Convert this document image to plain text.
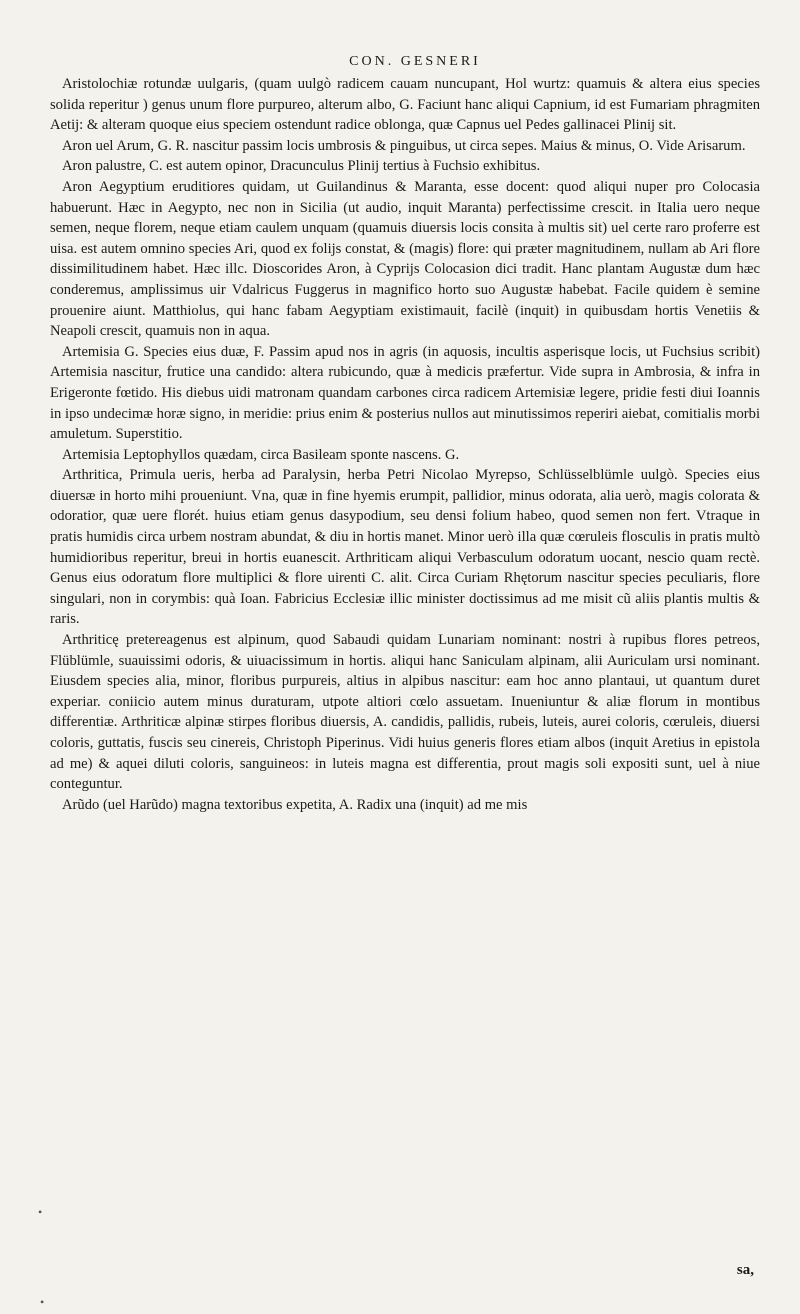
CON. GESNERI

Aristolochiæ rotundæ uulgaris, (quam uulgò radicem cauam nuncupant, Hol wurtz: quamuis & altera eius species solida reperitur ) genus unum flore purpureo, alterum albo, G. Faciunt hanc aliqui Capnium, id est Fumariam phragmiten Aetij: & alteram quoque eius speciem ostendunt radice oblonga, quæ Capnus uel Pedes gallinacei Plinij sit.

Aron uel Arum, G. R. nascitur passim locis umbrosis & pinguibus, ut circa sepes. Maius & minus, O. Vide Arisarum.

Aron palustre, C. est autem opinor, Dracunculus Plinij tertius à Fuchsio exhibitus.

Aron Aegyptium eruditiores quidam, ut Guilandinus & Maranta, esse docent: quod aliqui nuper pro Colocasia habuerunt. Hæc in Aegypto, nec non in Sicilia (ut audio, inquit Maranta) perfectissime crescit. in Italia uero neque semen, neque florem, neque etiam caulem unquam (quamuis diuersis locis consita à multis sit) uel certe raro proferre est uisa. est autem omnino species Ari, quod ex folijs constat, & (magis) flore: qui præter magnitudinem, nullam ab Ari flore dissimilitudinem habet. Hæc illc. Dioscorides Aron, à Cyprijs Colocasion dici tradit. Hanc plantam Augustæ dum hæc conderemus, amplissimus uir Vdalricus Fuggerus in magnifico horto suo Augustæ habebat. Facile quidem è semine prouenire aiunt. Matthiolus, qui hanc fabam Aegyptiam existimauit, facilè (inquit) in quibusdam hortis Venetiis & Neapoli crescit, quamuis non in aqua.

Artemisia G. Species eius duæ, F. Passim apud nos in agris (in aquosis, incultis asperisque locis, ut Fuchsius scribit) Artemisia nascitur, frutice una candido: altera rubicundo, quæ à medicis præfertur. Vide supra in Ambrosia, & infra in Erigeronte fœtido. His diebus uidi matronam quandam carbones circa radicem Artemisiæ legere, pridie festi diui Ioannis in ipso undecimæ horæ signo, in meridie: prius enim & posterius nullos aut minutissimos reperiri aiebat, comitialis morbi amuletum. Superstitio.

Artemisia Leptophyllos quædam, circa Basileam sponte nascens. G.

Arthritica, Primula ueris, herba ad Paralysin, herba Petri Nicolao Myrepso, Schlüsselblümle uulgò. Species eius diuersæ in horto mihi proueniunt. Vna, quæ in fine hyemis erumpit, pallidior, minus odorata, alia uerò, magis colorata & odoratior, quæ uere florét. huius etiam genus dasypodium, seu densi folium habeo, quod semen non fert. Vtraque in pratis humidis circa urbem nostram abundat, & diu in hortis manet. Minor uerò illa quæ cœruleis flosculis in pratis multò humidioribus reperitur, breui in hortis euanescit. Arthriticam aliqui Verbasculum odoratum uocant, nescio quam rectè. Genus eius odoratum flore multiplici & flore uirenti C. alit. Circa Curiam Rhętorum nascitur species peculiaris, flore singulari, non in corymbis: quà Ioan. Fabricius Ecclesiæ illic minister doctissimus ad me misit cũ aliis plantis multis & raris.

Arthriticę pretereagenus est alpinum, quod Sabaudi quidam Lunariam nominant: nostri à rupibus flores petreos, Flüblümle, suauissimi odoris, & uiuacissimum in hortis. aliqui hanc Saniculam alpinam, alii Auriculam ursi nominant. Eiusdem species alia, minor, floribus purpureis, altius in alpibus nascitur: eam hoc anno plantaui, ut quantum duret experiar. coniicio autem minus duraturam, utpote altiori cœlo assuetam. Inueniuntur & aliæ florum in montibus differentiæ. Arthriticæ alpinæ stirpes floribus diuersis, A. candidis, pallidis, rubeis, luteis, aurei coloris, cœruleis, diuersi coloris, guttatis, fuscis seu cinereis, Christoph Piperinus. Vidi huius generis flores etiam albos (inquit Aretius in epistola ad me) & aquei diluti coloris, sanguineos: in luteis magna est differentia, prout magis soli expositi sunt, uel à niue conteguntur.

Arũdo (uel Harũdo) magna textoribus expetita, A. Radix una (inquit) ad me mis

sa,
•
•
